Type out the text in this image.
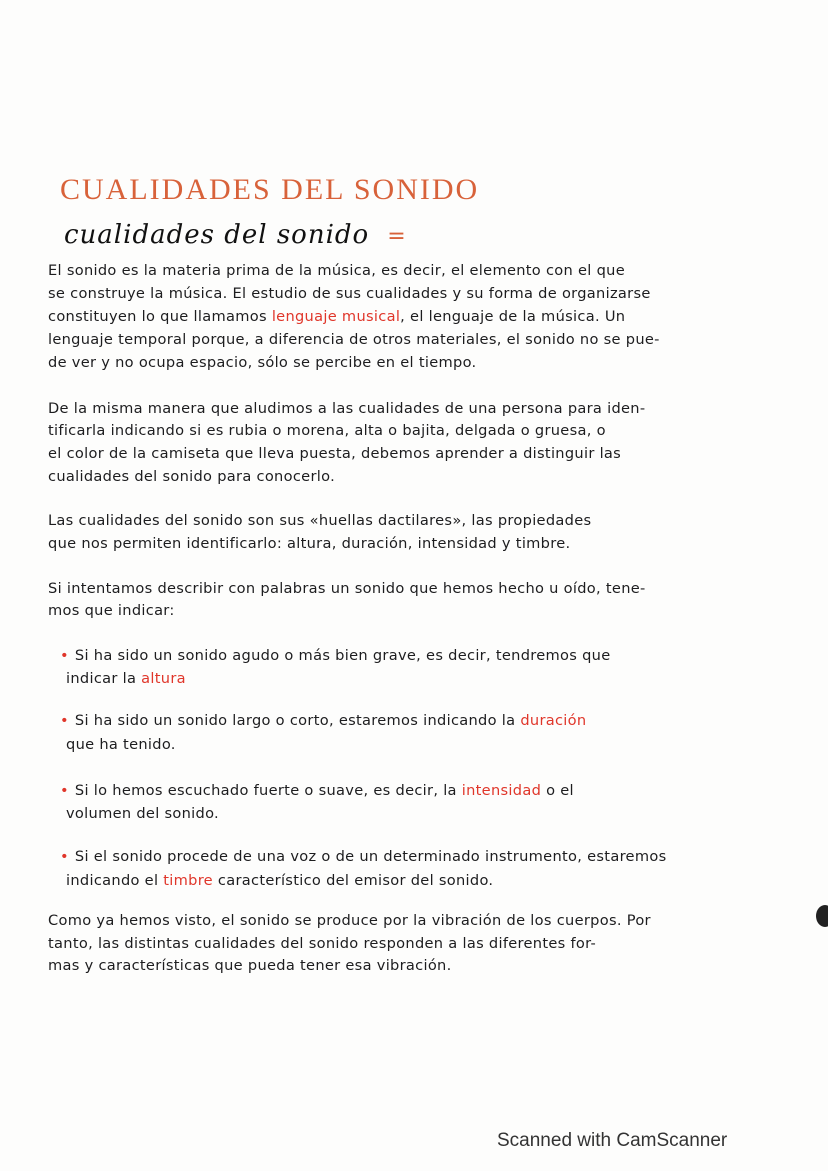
CUALIDADES DEL SONIDO
cualidades del sonido =
El sonido es la materia prima de la música, es decir, el elemento con el que
se construye la música. El estudio de sus cualidades y su forma de organizarse
constituyen lo que llamamos lenguaje musical, el lenguaje de la música. Un
lenguaje temporal porque, a diferencia de otros materiales, el sonido no se pue-
de ver y no ocupa espacio, sólo se percibe en el tiempo.
De la misma manera que aludimos a las cualidades de una persona para iden-
tificarla indicando si es rubia o morena, alta o bajita, delgada o gruesa, o
el color de la camiseta que lleva puesta, debemos aprender a distinguir las
cualidades del sonido para conocerlo.
Las cualidades del sonido son sus «huellas dactilares», las propiedades
que nos permiten identificarlo: altura, duración, intensidad y timbre.
Si intentamos describir con palabras un sonido que hemos hecho u oído, tene-
mos que indicar:
• Si ha sido un sonido agudo o más bien grave, es decir, tendremos que
indicar la altura
• Si ha sido un sonido largo o corto, estaremos indicando la duración
que ha tenido.
• Si lo hemos escuchado fuerte o suave, es decir, la intensidad o el
volumen del sonido.
• Si el sonido procede de una voz o de un determinado instrumento, estaremos
indicando el timbre característico del emisor del sonido.
Como ya hemos visto, el sonido se produce por la vibración de los cuerpos. Por
tanto, las distintas cualidades del sonido responden a las diferentes for-
mas y características que pueda tener esa vibración.
Scanned with CamScanner
